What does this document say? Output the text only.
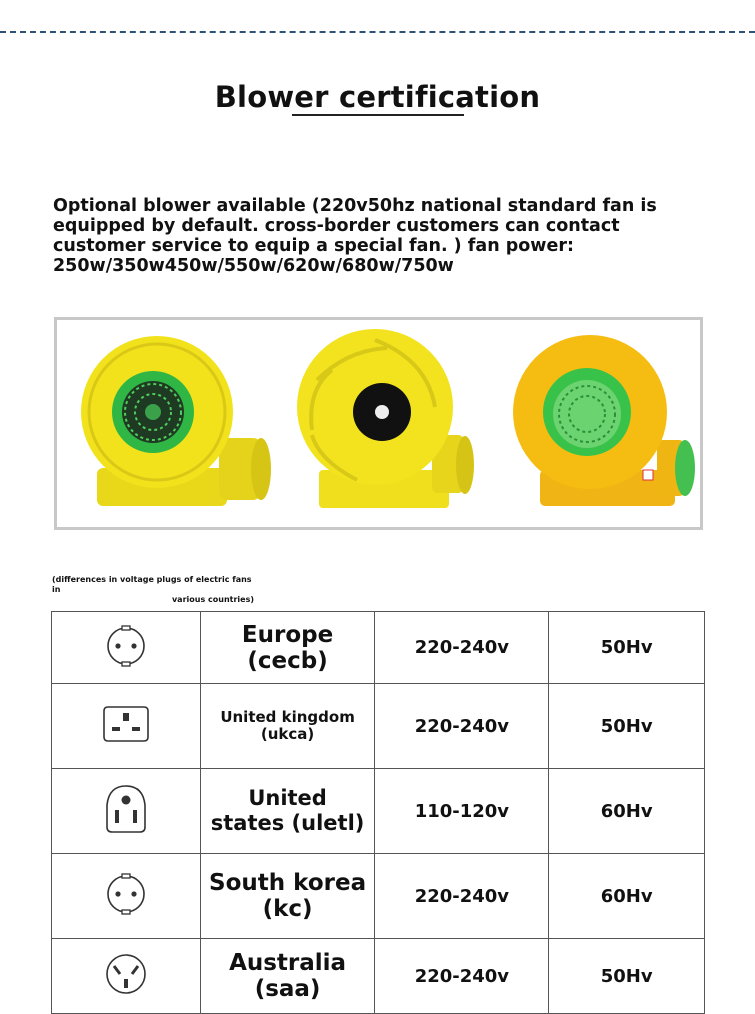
Blower certification
Optional blower available (220v50hz national standard fan is equipped by default. cross-border customers can contact customer service to equip a special fan. ) fan power: 250w/350w450w/550w/620w/680w/750w
(differences in voltage plugs of electric fans in
various countries)

Europe
(cecb)	220-240v	50Hv

United kingdom
(ukca)	220-240v	50Hv

United
states (uletl)	110-120v	60Hv

South korea
(kc)	220-240v	60Hv

Australia
(saa)	220-240v	50Hv
